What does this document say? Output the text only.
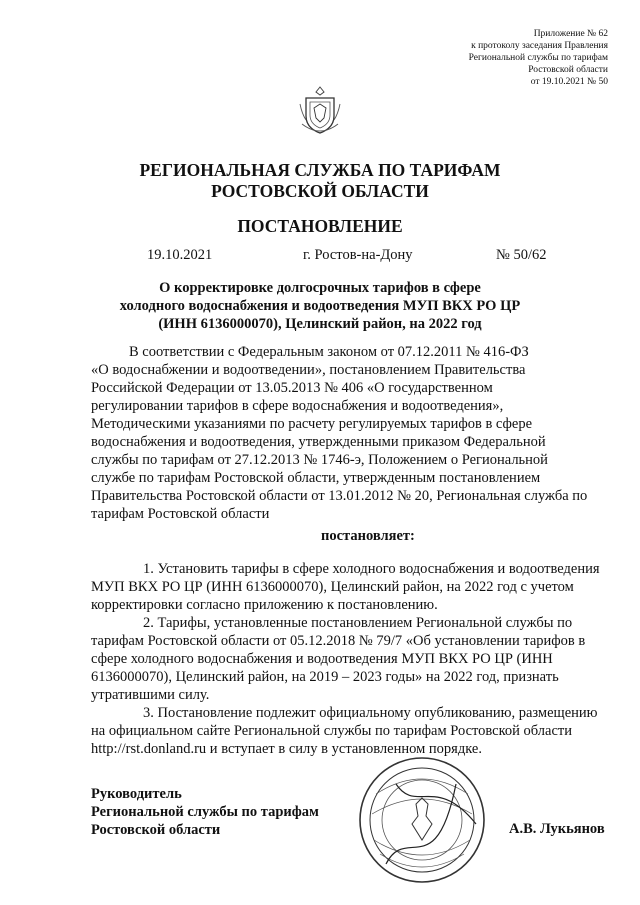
Приложение № 62
к протоколу заседания Правления
Региональной службы по тарифам
Ростовской области
от 19.10.2021 № 50
РЕГИОНАЛЬНАЯ СЛУЖБА ПО ТАРИФАМ
РОСТОВСКОЙ ОБЛАСТИ
ПОСТАНОВЛЕНИЕ
19.10.2021	г. Ростов-на-Дону	№ 50/62
О корректировке долгосрочных тарифов в сфере
холодного водоснабжения и водоотведения МУП ВКХ РО ЦР
(ИНН 6136000070), Целинский район, на 2022 год
В соответствии с Федеральным законом от 07.12.2011 № 416-ФЗ
«О водоснабжении и водоотведении», постановлением Правительства
Российской Федерации от 13.05.2013 № 406 «О государственном
регулировании тарифов в сфере водоснабжения и водоотведения»,
Методическими указаниями по расчету регулируемых тарифов в сфере
водоснабжения и водоотведения, утвержденными приказом Федеральной
службы по тарифам от 27.12.2013 № 1746-э, Положением о Региональной
службе по тарифам Ростовской области, утвержденным постановлением
Правительства Ростовской области от 13.01.2012 № 20, Региональная служба по
тарифам Ростовской области
постановляет:
1. Установить тарифы в сфере холодного водоснабжения и водоотведения
МУП ВКХ РО ЦР (ИНН 6136000070), Целинский район, на 2022 год с учетом
корректировки согласно приложению к постановлению.
2. Тарифы, установленные постановлением Региональной службы по
тарифам Ростовской области от 05.12.2018 № 79/7 «Об установлении тарифов в
сфере холодного водоснабжения и водоотведения МУП ВКХ РО ЦР (ИНН
6136000070), Целинский район, на 2019 – 2023 годы» на 2022 год, признать
утратившими силу.
3. Постановление подлежит официальному опубликованию, размещению
на официальном сайте Региональной службы по тарифам Ростовской области
http://rst.donland.ru и вступает в силу в установленном порядке.
Руководитель
Региональной службы по тарифам
Ростовской области	А.В. Лукьянов
